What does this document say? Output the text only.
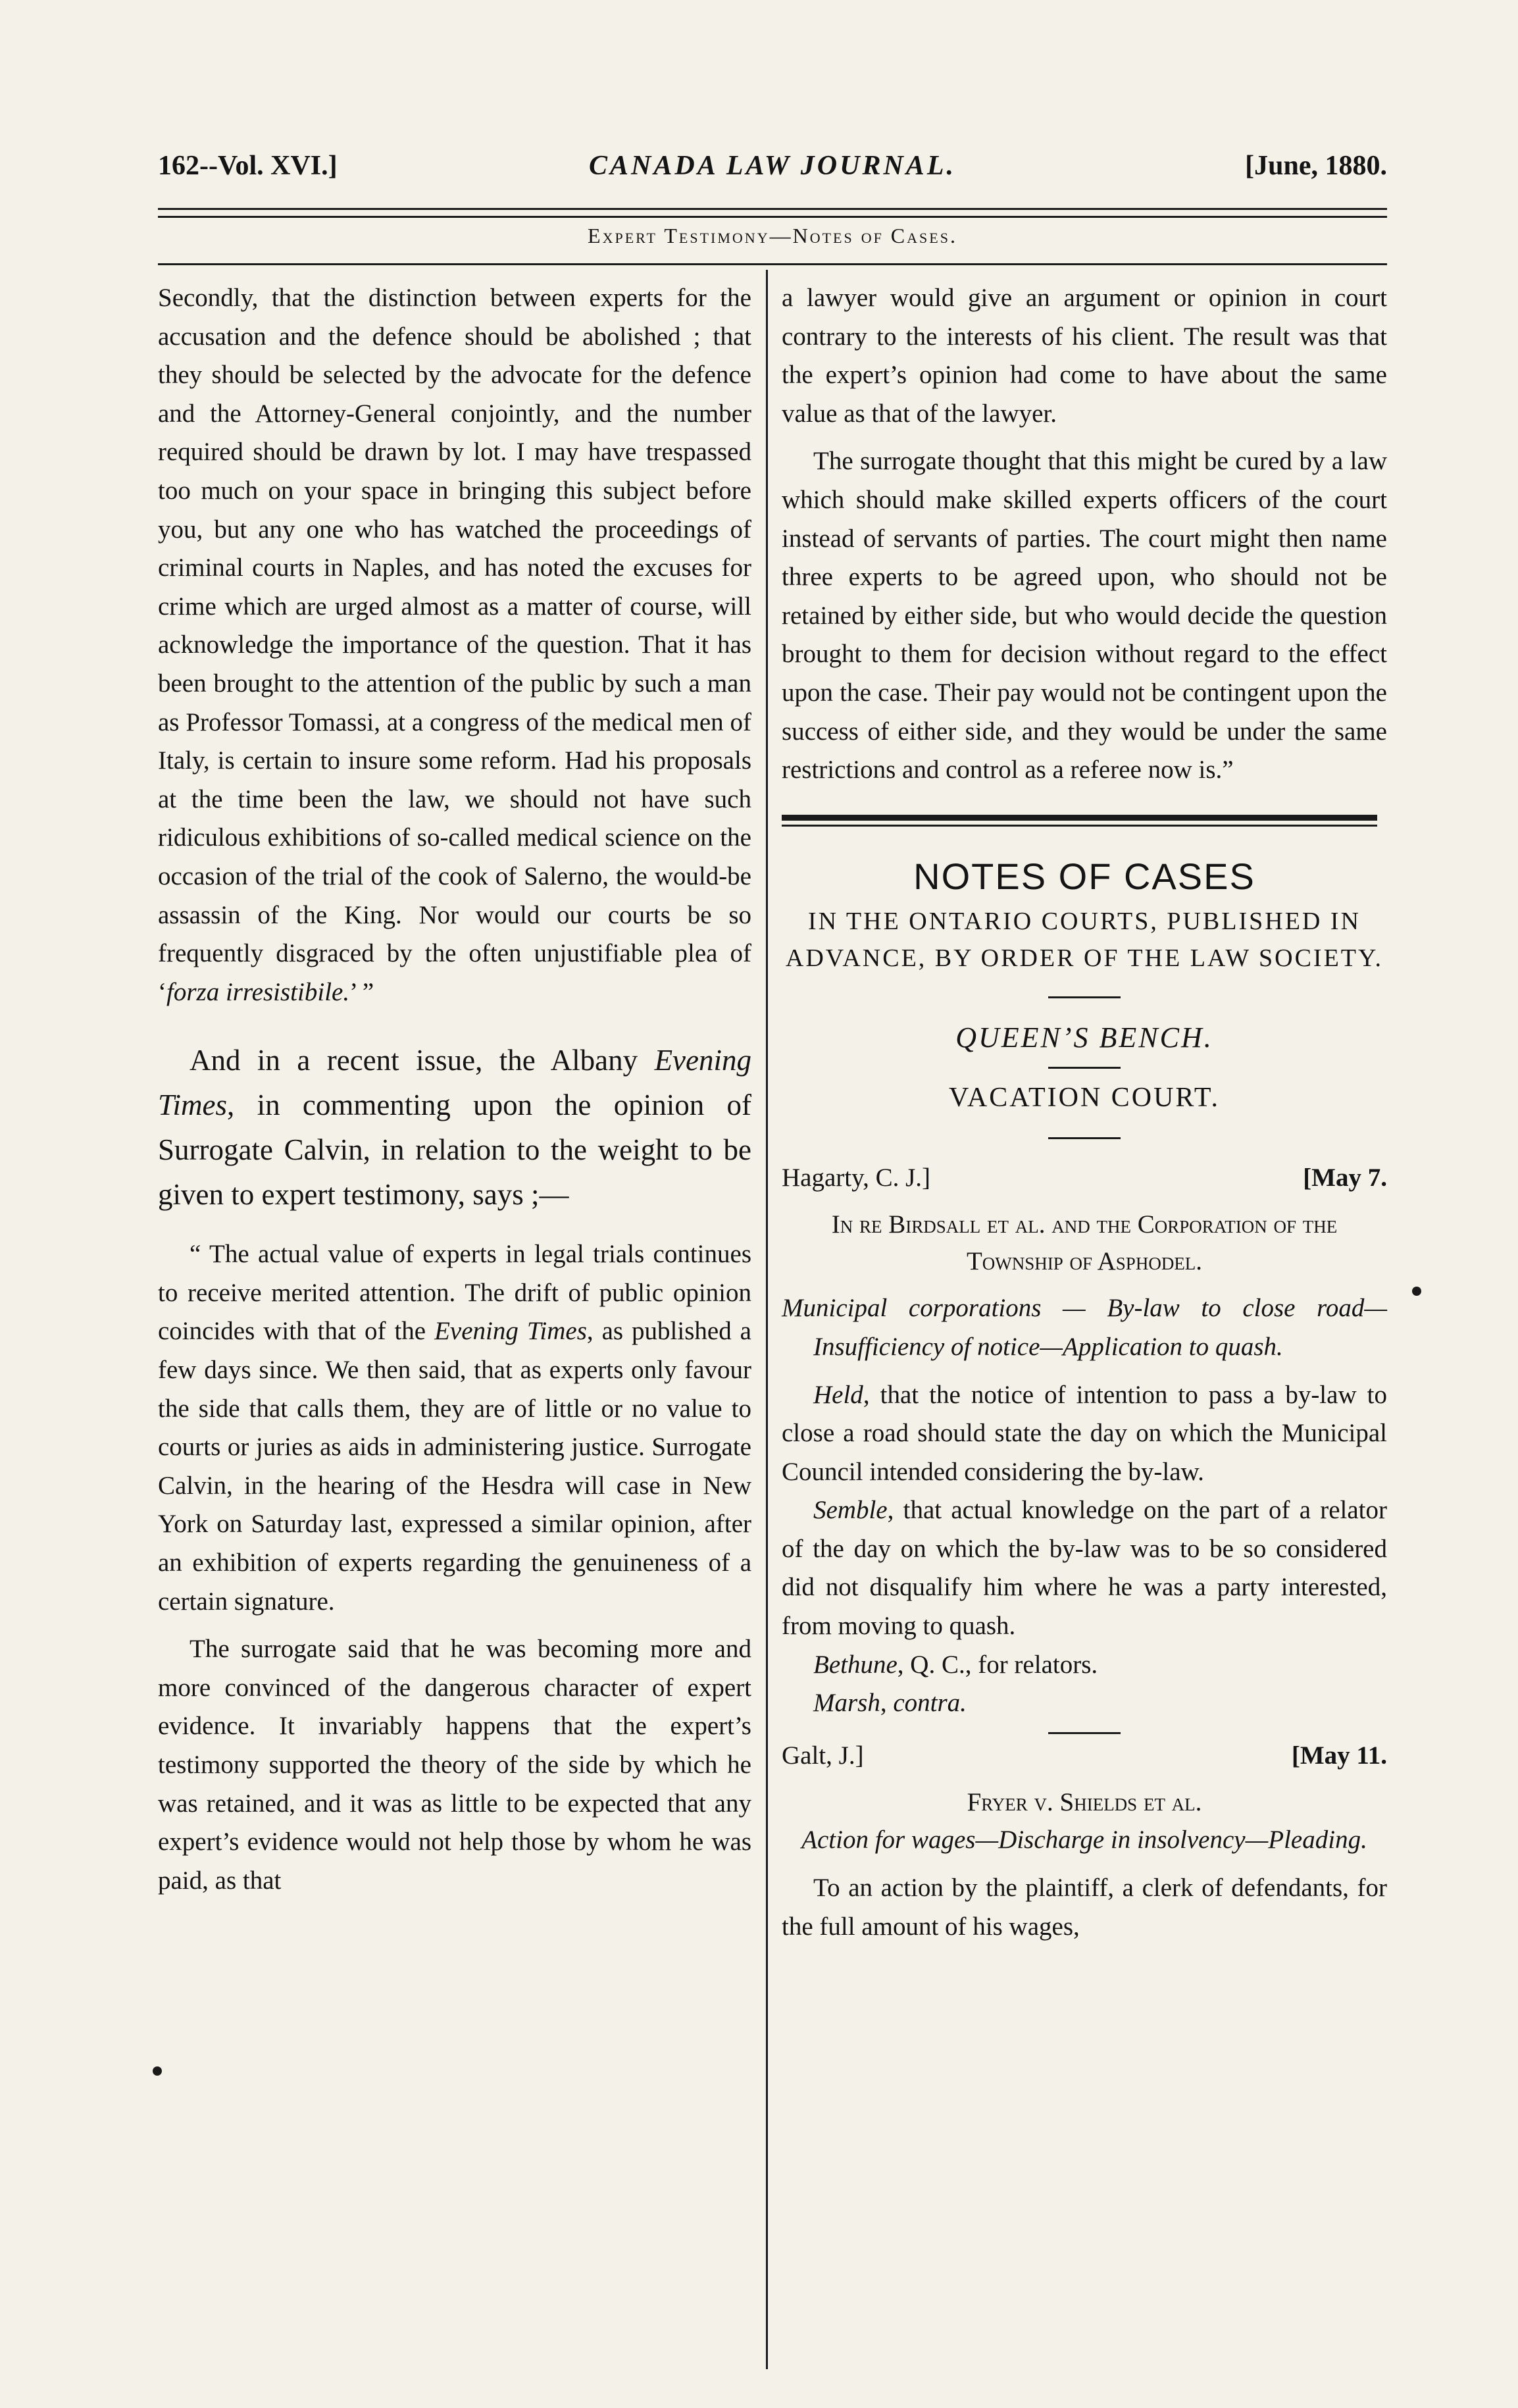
162--Vol. XVI.]	CANADA LAW JOURNAL.	[June, 1880.
Expert Testimony—Notes of Cases.

Secondly, that the distinction between experts for the accusation and the defence should be abolished ; that they should be selected by the advocate for the defence and the Attorney-General conjointly, and the number required should be drawn by lot. I may have trespassed too much on your space in bringing this subject before you, but any one who has watched the proceedings of criminal courts in Naples, and has noted the excuses for crime which are urged almost as a matter of course, will acknowledge the importance of the question. That it has been brought to the attention of the public by such a man as Professor Tomassi, at a congress of the medical men of Italy, is certain to insure some reform. Had his proposals at the time been the law, we should not have such ridiculous exhibitions of so-called medical science on the occasion of the trial of the cook of Salerno, the would-be assassin of the King. Nor would our courts be so frequently disgraced by the often unjustifiable plea of ‘forza irresistibile.’ ”

And in a recent issue, the Albany Evening Times, in commenting upon the opinion of Surrogate Calvin, in relation to the weight to be given to expert testimony, says ;—

“ The actual value of experts in legal trials continues to receive merited attention. The drift of public opinion coincides with that of the Evening Times, as published a few days since. We then said, that as experts only favour the side that calls them, they are of little or no value to courts or juries as aids in administering justice. Surrogate Calvin, in the hearing of the Hesdra will case in New York on Saturday last, expressed a similar opinion, after an exhibition of experts regarding the genuineness of a certain signature.

The surrogate said that he was becoming more and more convinced of the dangerous character of expert evidence. It invariably happens that the expert’s testimony supported the theory of the side by which he was retained, and it was as little to be expected that any expert’s evidence would not help those by whom he was paid, as that

a lawyer would give an argument or opinion in court contrary to the interests of his client. The result was that the expert’s opinion had come to have about the same value as that of the lawyer.

The surrogate thought that this might be cured by a law which should make skilled experts officers of the court instead of servants of parties. The court might then name three experts to be agreed upon, who should not be retained by either side, but who would decide the question brought to them for decision without regard to the effect upon the case. Their pay would not be contingent upon the success of either side, and they would be under the same restrictions and control as a referee now is.”

NOTES OF CASES
IN THE ONTARIO COURTS, PUBLISHED IN ADVANCE, BY ORDER OF THE LAW SOCIETY.
QUEEN’S BENCH.
VACATION COURT.
Hagarty, C. J.]	[May 7.

In re Birdsall et al. and the Corporation of the Township of Asphodel.

Municipal corporations — By-law to close road—Insufficiency of notice—Application to quash.

Held, that the notice of intention to pass a by-law to close a road should state the day on which the Municipal Council intended considering the by-law.

Semble, that actual knowledge on the part of a relator of the day on which the by-law was to be so considered did not disqualify him where he was a party interested, from moving to quash.

Bethune, Q. C., for relators.

Marsh, contra.

Galt, J.]	[May 11.

Fryer v. Shields et al.

Action for wages—Discharge in insolvency—Pleading.

To an action by the plaintiff, a clerk of defendants, for the full amount of his wages,
